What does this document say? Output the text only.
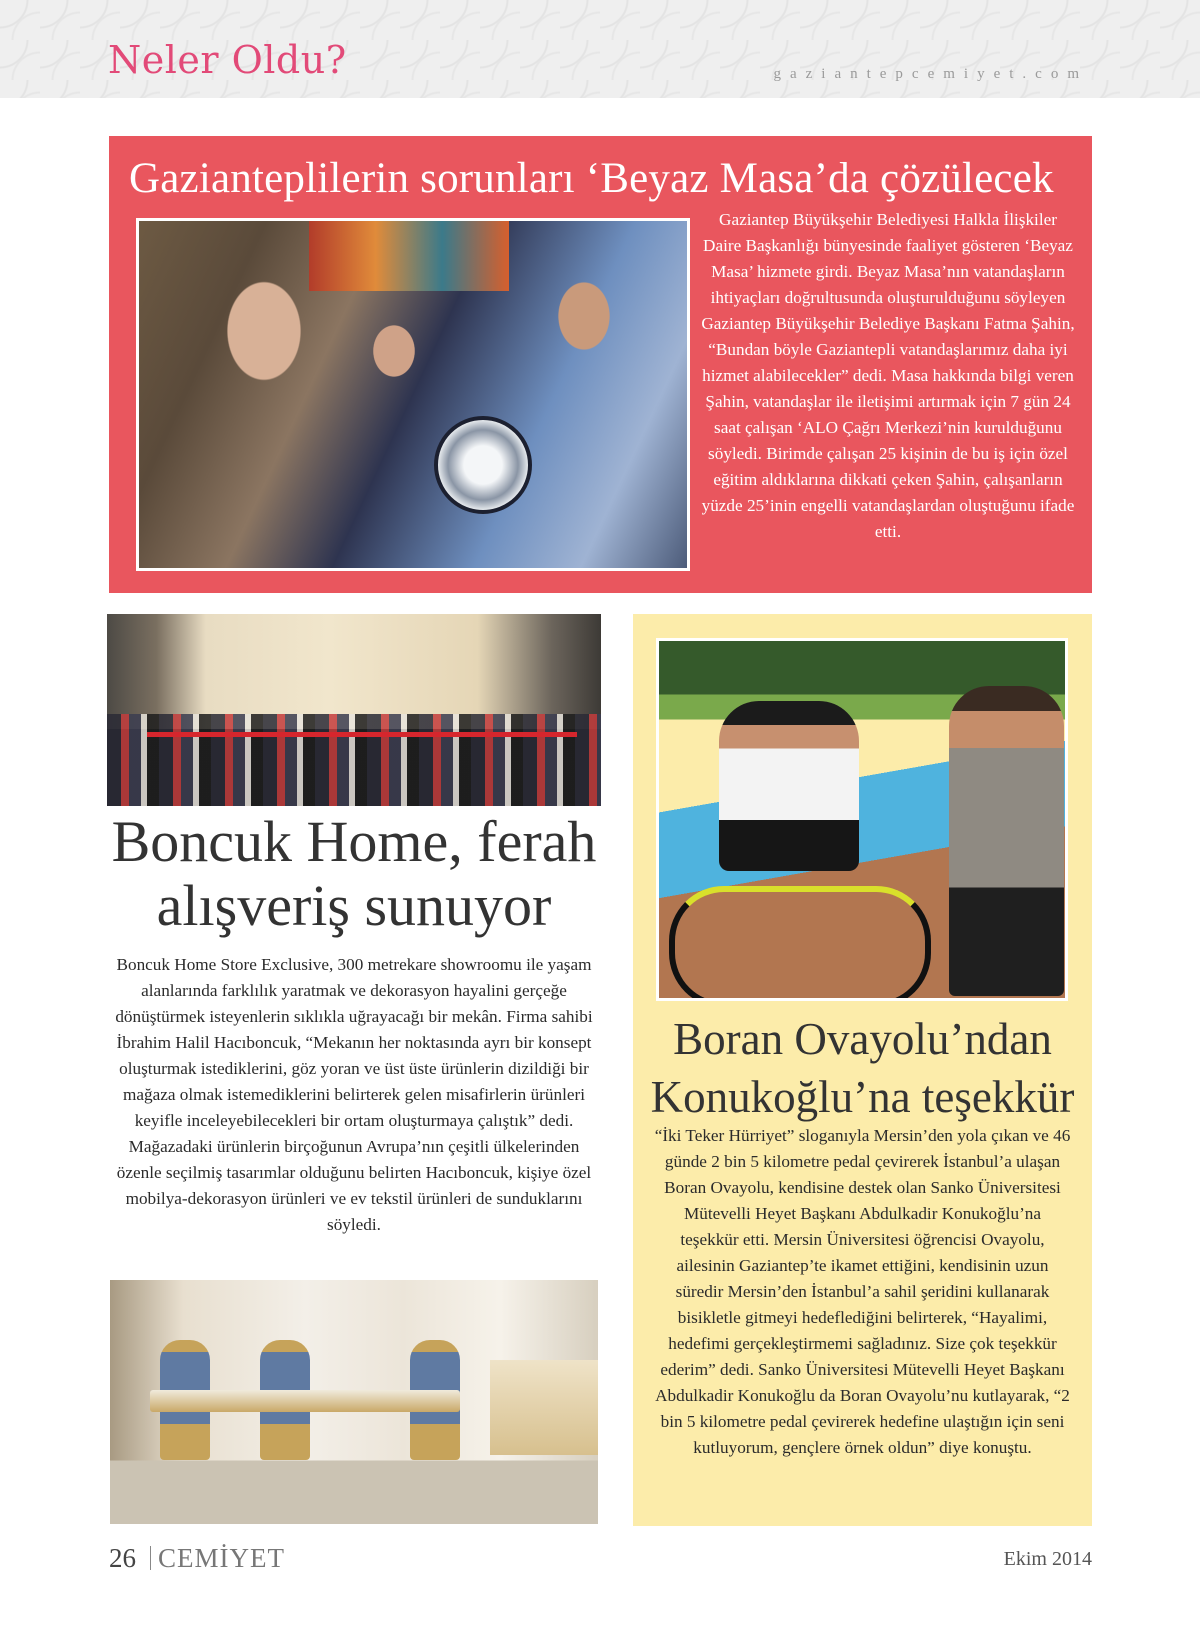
Neler Oldu?	gaziantepcemiyet.com
Gazianteplilerin sorunları ‘Beyaz Masa’da çözülecek

Gaziantep Büyükşehir Belediyesi Halkla İlişkiler Daire Başkanlığı bünyesinde faaliyet gösteren ‘Beyaz Masa’ hizmete girdi. Beyaz Masa’nın vatandaşların ihtiyaçları doğrultusunda oluşturulduğunu söyleyen Gaziantep Büyükşehir Belediye Başkanı Fatma Şahin, “Bundan böyle Gaziantepli vatandaşlarımız daha iyi hizmet alabilecekler” dedi. Masa hakkında bilgi veren Şahin, vatandaşlar ile iletişimi artırmak için 7 gün 24 saat çalışan ‘ALO Çağrı Merkezi’nin kurulduğunu söyledi. Birimde çalışan 25 kişinin de bu iş için özel eğitim aldıklarına dikkati çeken Şahin, çalışanların yüzde 25’inin engelli vatandaşlardan oluştuğunu ifade etti.

Boncuk Home, ferah alışveriş sunuyor

Boncuk Home Store Exclusive, 300 metrekare showroomu ile yaşam alanlarında farklılık yaratmak ve dekorasyon hayalini gerçeğe dönüştürmek isteyenlerin sıklıkla uğrayacağı bir mekân. Firma sahibi İbrahim Halil Hacıboncuk, “Mekanın her noktasında ayrı bir konsept oluşturmak istediklerini, göz yoran ve üst üste ürünlerin dizildiği bir mağaza olmak istemediklerini belirterek gelen misafirlerin ürünleri keyifle inceleyebilecekleri bir ortam oluşturmaya çalıştık” dedi. Mağazadaki ürünlerin birçoğunun Avrupa’nın çeşitli ülkelerinden özenle seçilmiş tasarımlar olduğunu belirten Hacıboncuk, kişiye özel mobilya-dekorasyon ürünleri ve ev tekstil ürünleri de sunduklarını söyledi.

Boran Ovayolu’ndan Konukoğlu’na teşekkür

“İki Teker Hürriyet” sloganıyla Mersin’den yola çıkan ve 46 günde 2 bin 5 kilometre pedal çevirerek İstanbul’a ulaşan Boran Ovayolu, kendisine destek olan Sanko Üniversitesi Mütevelli Heyet Başkanı Abdulkadir Konukoğlu’na teşekkür etti. Mersin Üniversitesi öğrencisi Ovayolu, ailesinin Gaziantep’te ikamet ettiğini, kendisinin uzun süredir Mersin’den İstanbul’a sahil şeridini kullanarak bisikletle gitmeyi hedeflediğini belirterek, “Hayalimi, hedefimi gerçekleştirmemi sağladınız. Size çok teşekkür ederim” dedi. Sanko Üniversitesi Mütevelli Heyet Başkanı Abdulkadir Konukoğlu da Boran Ovayolu’nu kutlayarak, “2 bin 5 kilometre pedal çevirerek hedefine ulaştığın için seni kutluyorum, gençlere örnek oldun” diye konuştu.

26 CEMİYET	Ekim 2014
